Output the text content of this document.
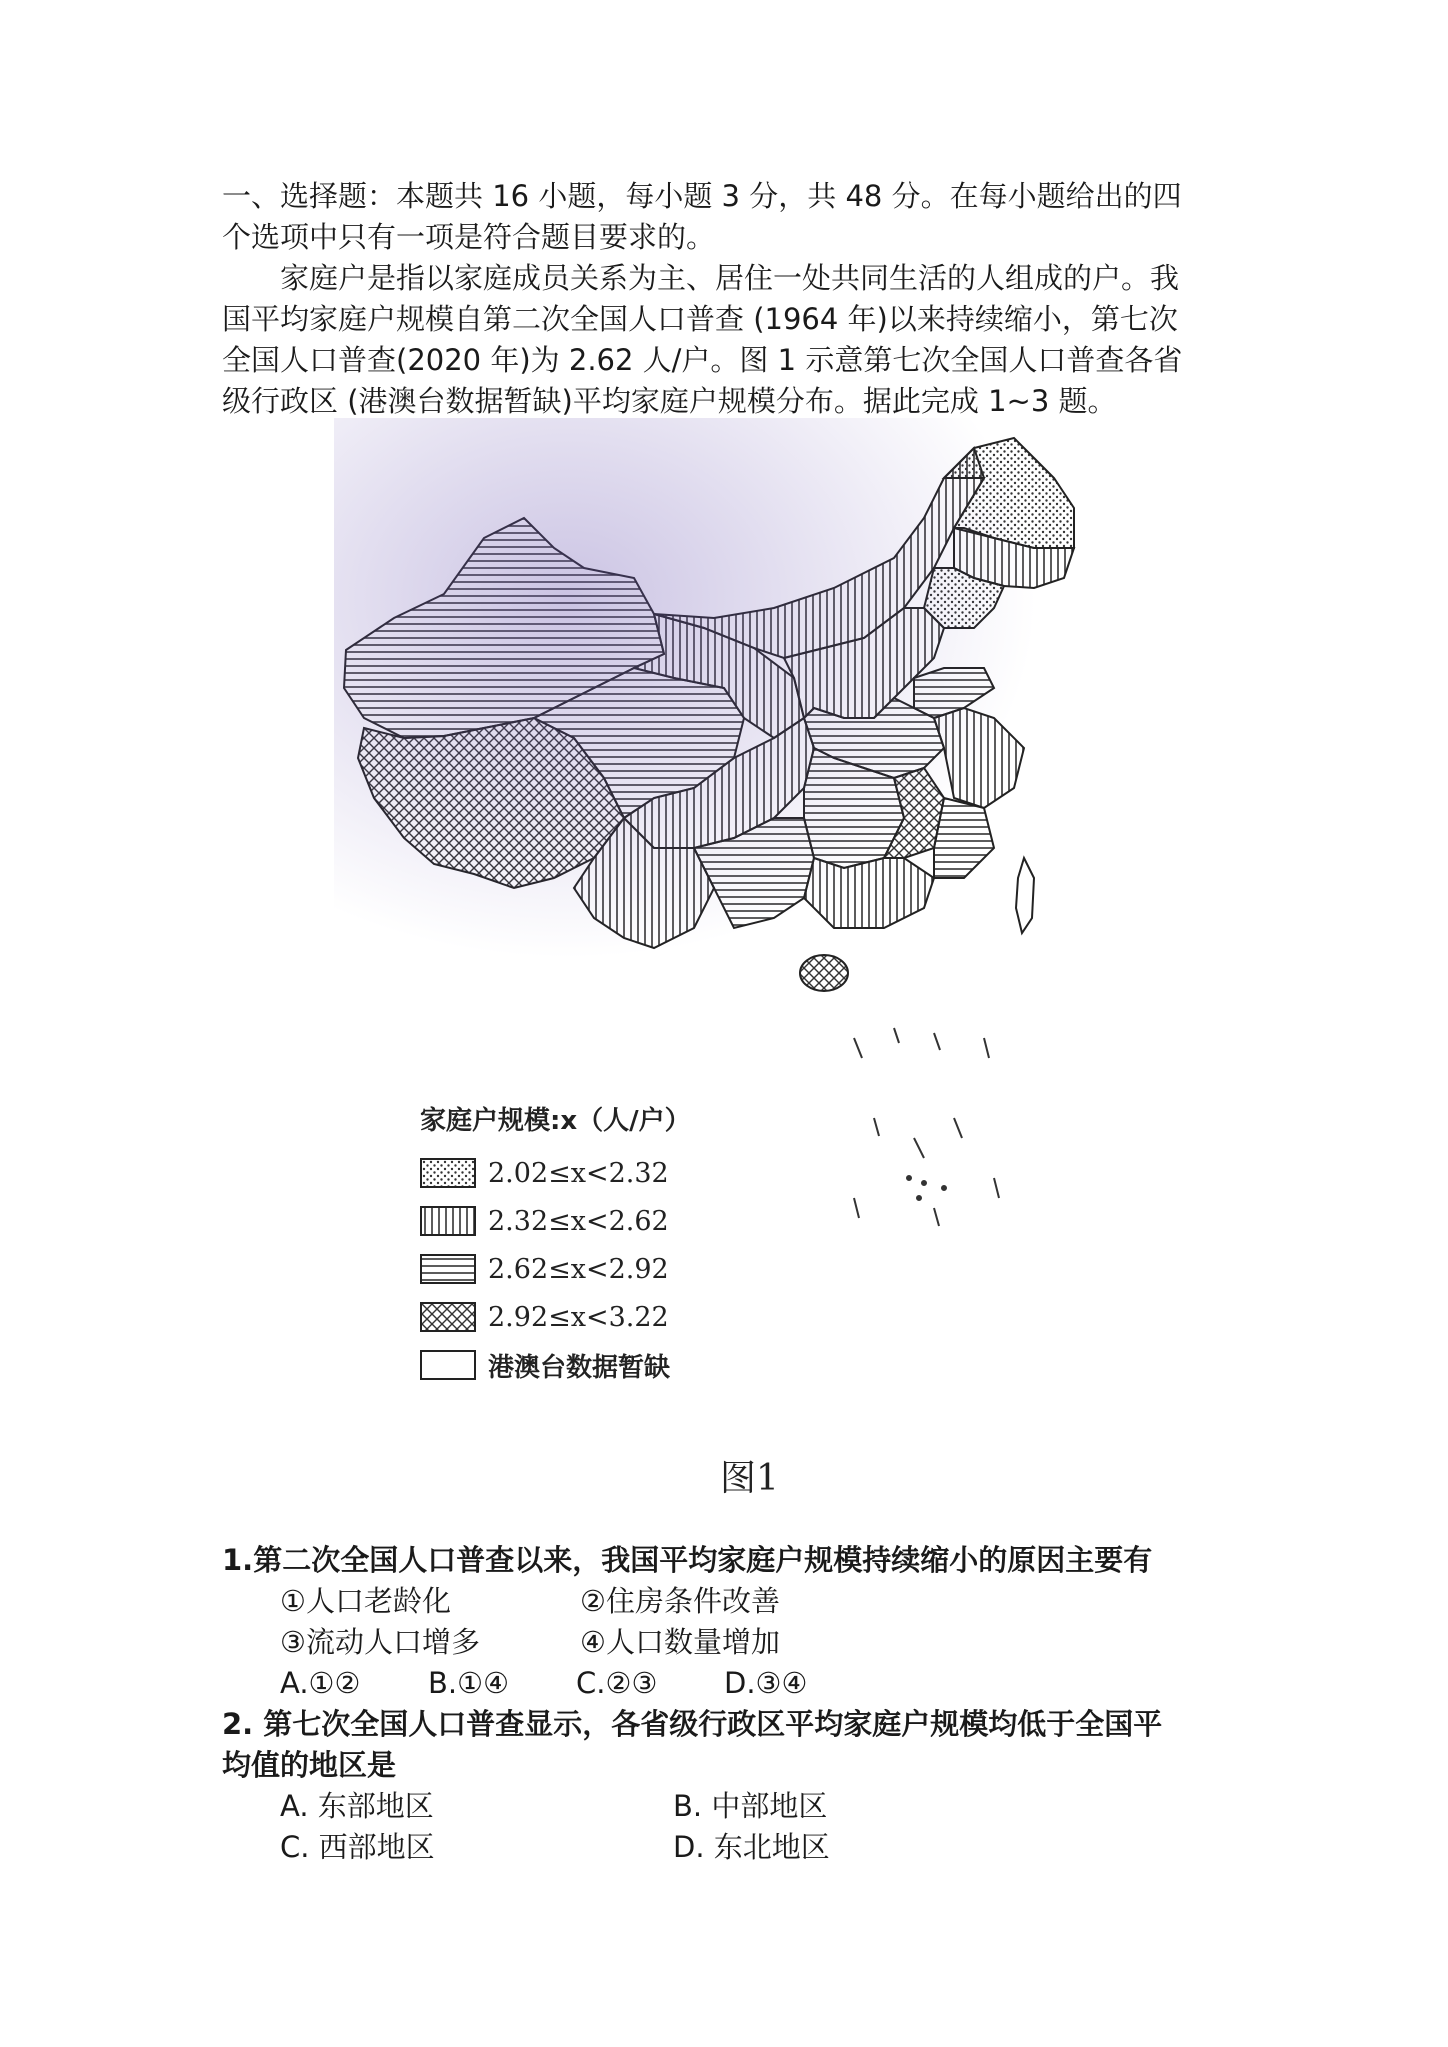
一、选择题：本题共 16 小题，每小题 3 分，共 48 分。在每小题给出的四

个选项中只有一项是符合题目要求的。

家庭户是指以家庭成员关系为主、居住一处共同生活的人组成的户。我

国平均家庭户规模自第二次全国人口普查 (1964 年)以来持续缩小，第七次

全国人口普查(2020 年)为 2.62 人/户。图 1 示意第七次全国人口普查各省

级行政区 (港澳台数据暂缺)平均家庭户规模分布。据此完成 1~3 题。

家庭户规模:x（人/户）
2.02≤x<2.32
2.32≤x<2.62
2.62≤x<2.92
2.92≤x<3.22
港澳台数据暂缺
图1

1.第二次全国人口普查以来，我国平均家庭户规模持续缩小的原因主要有

①人口老龄化	②住房条件改善

③流动人口增多	④人口数量增加

A.①②	B.①④	C.②③	D.③④

2. 第七次全国人口普查显示，各省级行政区平均家庭户规模均低于全国平

均值的地区是

A. 东部地区	B. 中部地区

C. 西部地区	D. 东北地区
